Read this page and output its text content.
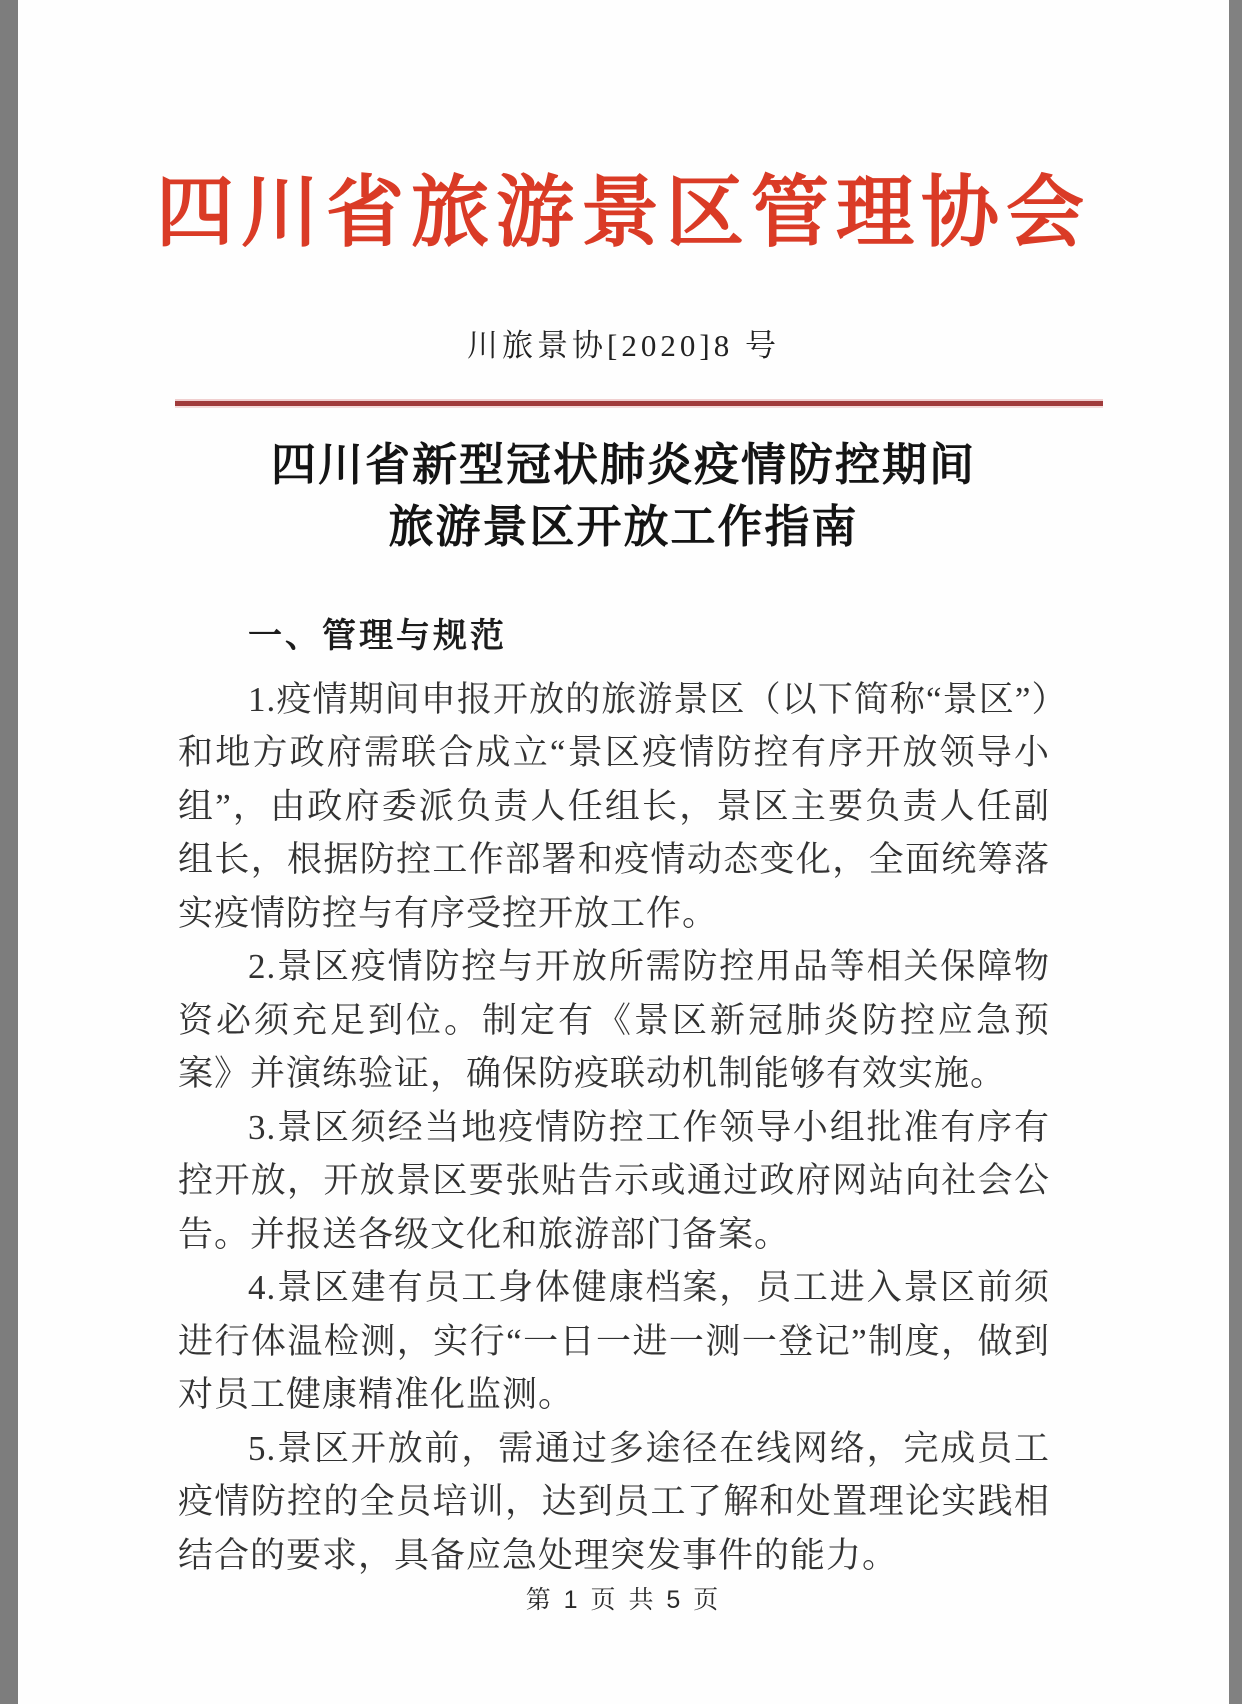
四川省旅游景区管理协会
川旅景协[2020]8 号
四川省新型冠状肺炎疫情防控期间
旅游景区开放工作指南
一、管理与规范

1.疫情期间申报开放的旅游景区（以下简称“景区”）和地方政府需联合成立“景区疫情防控有序开放领导小组”，由政府委派负责人任组长，景区主要负责人任副组长，根据防控工作部署和疫情动态变化，全面统筹落实疫情防控与有序受控开放工作。

2.景区疫情防控与开放所需防控用品等相关保障物资必须充足到位。制定有《景区新冠肺炎防控应急预案》并演练验证，确保防疫联动机制能够有效实施。

3.景区须经当地疫情防控工作领导小组批准有序有控开放，开放景区要张贴告示或通过政府网站向社会公告。并报送各级文化和旅游部门备案。

4.景区建有员工身体健康档案，员工进入景区前须进行体温检测，实行“一日一进一测一登记”制度，做到对员工健康精准化监测。

5.景区开放前，需通过多途径在线网络，完成员工疫情防控的全员培训，达到员工了解和处置理论实践相结合的要求，具备应急处理突发事件的能力。

第 1 页 共 5 页
